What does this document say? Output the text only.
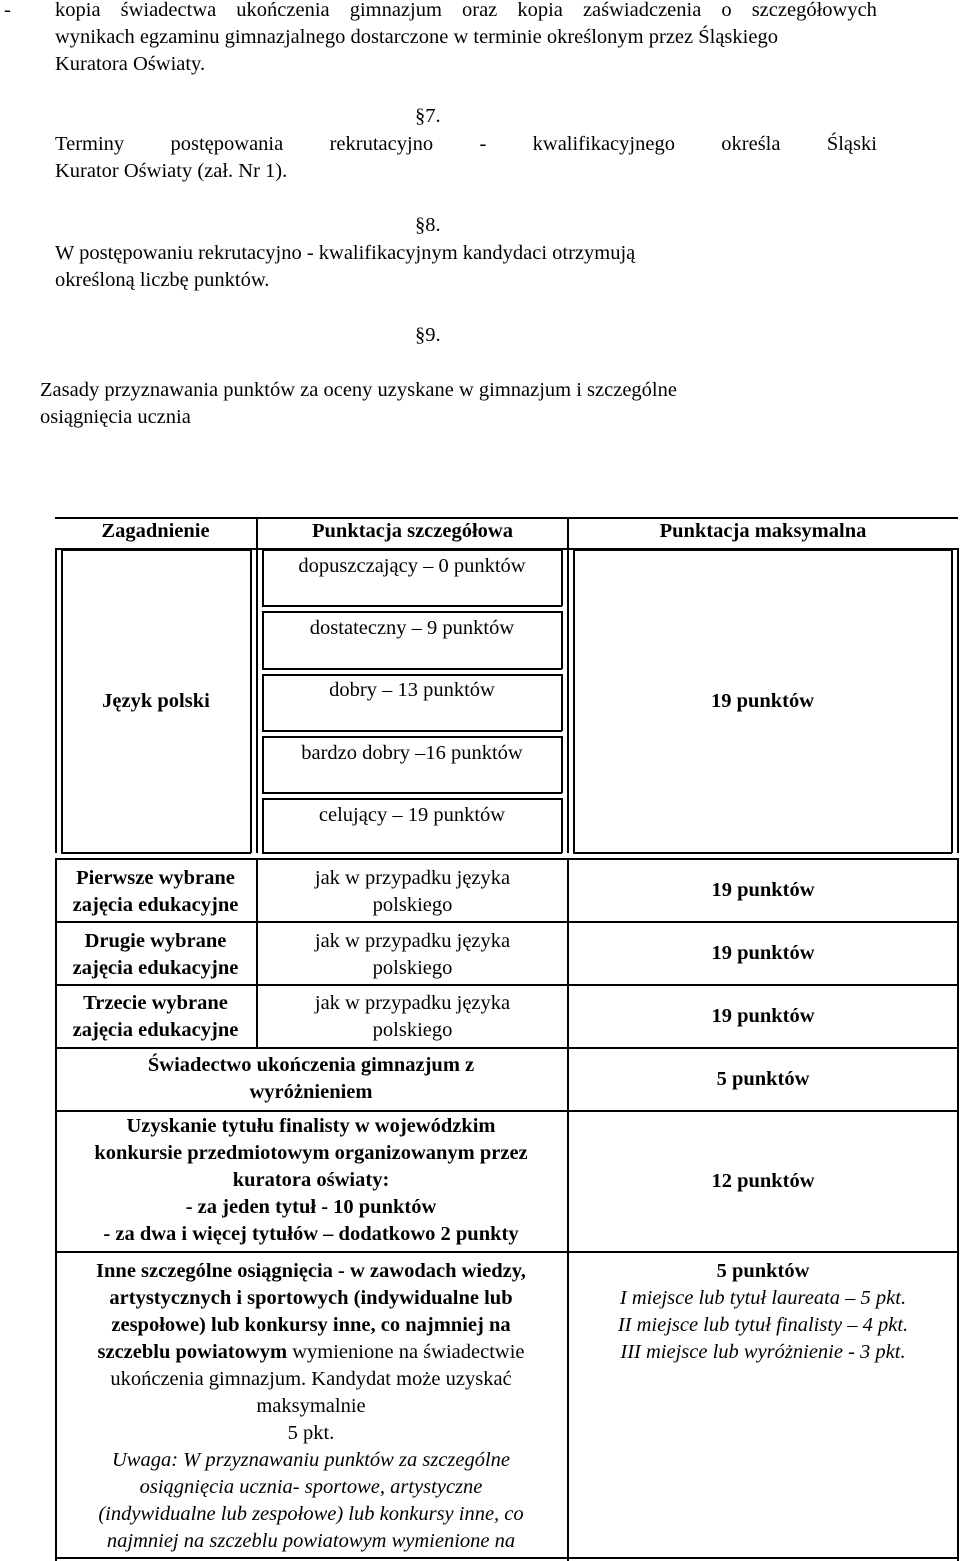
- kopia świadectwa ukończenia gimnazjum oraz kopia zaświadczenia o szczegółowych
wynikach egzaminu gimnazjalnego dostarczone w terminie określonym przez Śląskiego
Kuratora Oświaty.
§7.
Terminy postępowania rekrutacyjno - kwalifikacyjnego określa Śląski
Kurator Oświaty (zał. Nr 1).
§8.
W postępowaniu rekrutacyjno - kwalifikacyjnym kandydaci otrzymują
określoną liczbę punktów.
§9.
Zasady przyznawania punktów za oceny uzyskane w gimnazjum i szczególne
osiągnięcia ucznia
Zagadnienie	Punktacja szczegółowa	Punktacja maksymalna
Język polski
dopuszczający – 0 punktów
dostateczny – 9 punktów
dobry – 13 punktów
bardzo dobry –16 punktów
celujący – 19 punktów
19 punktów
Pierwsze wybrane
zajęcia edukacyjne
jak w przypadku języka
polskiego
19 punktów
Drugie wybrane
zajęcia edukacyjne
jak w przypadku języka
polskiego
19 punktów
Trzecie wybrane
zajęcia edukacyjne
jak w przypadku języka
polskiego
19 punktów
Świadectwo ukończenia gimnazjum z
wyróżnieniem
5 punktów
Uzyskanie tytułu finalisty w wojewódzkim
konkursie przedmiotowym organizowanym przez
kuratora oświaty:
- za jeden tytuł - 10 punktów
- za dwa i więcej tytułów – dodatkowo 2 punkty
12 punktów
Inne szczególne osiągnięcia - w zawodach wiedzy,
artystycznych i sportowych (indywidualne lub
zespołowe) lub konkursy inne, co najmniej na
szczeblu powiatowym wymienione na świadectwie
ukończenia gimnazjum. Kandydat może uzyskać
maksymalnie
5 pkt.
Uwaga: W przyznawaniu punktów za szczególne
osiągnięcia ucznia- sportowe, artystyczne
(indywidualne lub zespołowe) lub konkursy inne, co
najmniej na szczeblu powiatowym wymienione na
5 punktów
I miejsce lub tytuł laureata – 5 pkt.
II miejsce lub tytuł finalisty – 4 pkt.
III miejsce lub wyróżnienie - 3 pkt.
